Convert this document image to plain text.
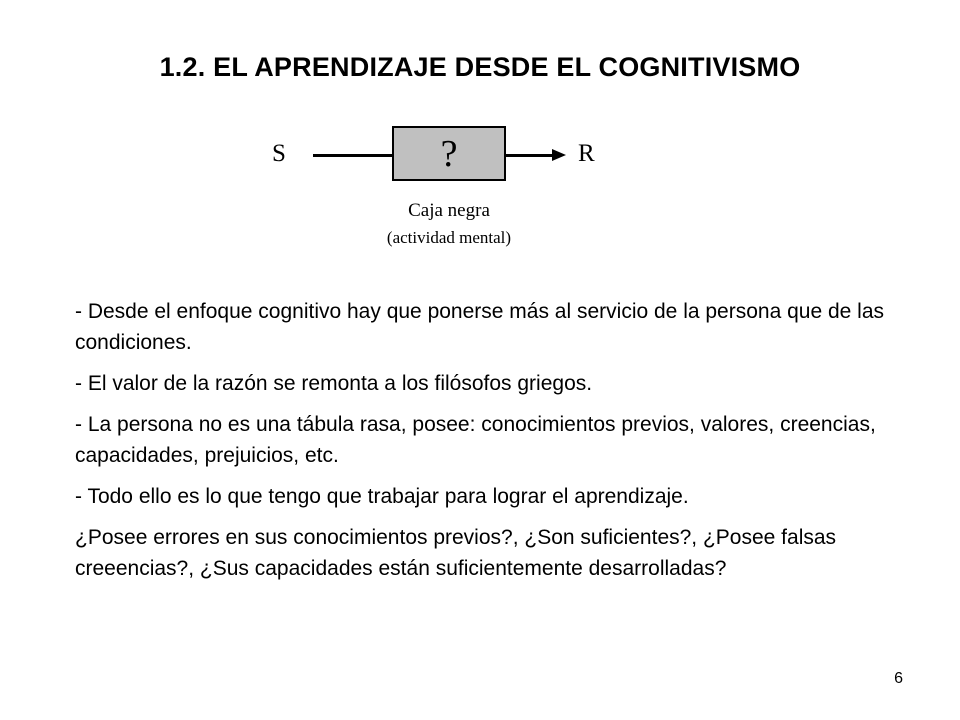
1.2. EL APRENDIZAJE DESDE EL COGNITIVISMO
S	?	R
Caja negra
(actividad mental)

- Desde el enfoque cognitivo hay que ponerse más al servicio de la persona que de las condiciones.

- El valor de la razón se remonta a los filósofos griegos.

- La persona no es una tábula rasa, posee: conocimientos previos, valores, creencias, capacidades, prejuicios, etc.

- Todo ello es lo que tengo que trabajar para lograr el aprendizaje.

¿Posee errores en sus conocimientos previos?, ¿Son suficientes?, ¿Posee falsas creeencias?, ¿Sus capacidades están suficientemente desarrolladas?

6
